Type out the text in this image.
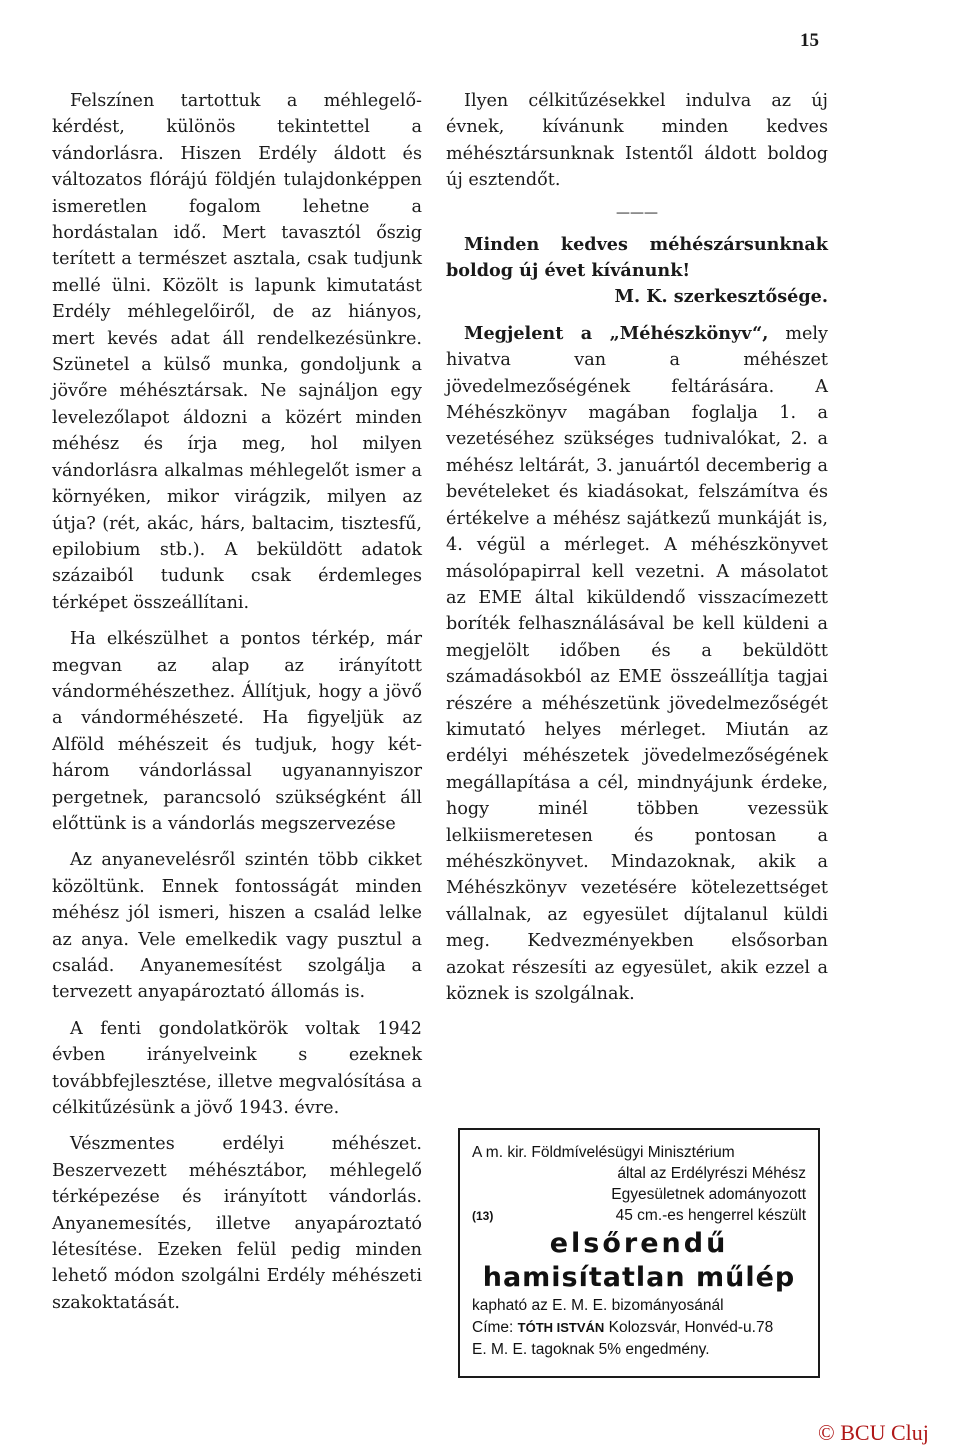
15

Felszínen tartottuk a méhlegelő-kérdést, különös tekintettel a vándorlásra. Hiszen Erdély áldott és változatos flórájú földjén tulajdonképpen ismeretlen fogalom lehetne a hordástalan idő. Mert tavasztól őszig terített a természet asztala, csak tudjunk mellé ülni. Közölt is lapunk kimutatást Erdély méhlegelőiről, de az hiányos, mert kevés adat áll rendelkezésünkre. Szünetel a külső munka, gondoljunk a jövőre méhésztársak. Ne sajnáljon egy levelezőlapot áldozni a közért minden méhész és írja meg, hol milyen vándorlásra alkalmas méhlegelőt ismer a környéken, mikor virágzik, milyen az útja? (rét, akác, hárs, baltacim, tisztesfű, epilobium stb.). A beküldött adatok százaiból tudunk csak érdemleges térképet összeállítani.

Ha elkészülhet a pontos térkép, már megvan az alap az irányított vándorméhészethez. Állítjuk, hogy a jövő a vándorméhészeté. Ha figyeljük az Alföld méhészeit és tudjuk, hogy két-három vándorlással ugyanannyiszor pergetnek, parancsoló szükségként áll előttünk is a vándorlás megszervezése

Az anyanevelésről szintén több cikket közöltünk. Ennek fontosságát minden méhész jól ismeri, hiszen a család lelke az anya. Vele emelkedik vagy pusztul a család. Anyanemesítést szolgálja a tervezett anyapároztató állomás is.

A fenti gondolatkörök voltak 1942 évben irányelveink s ezeknek továbbfejlesztése, illetve megvalósítása a célkitűzésünk a jövő 1943. évre.

Vészmentes erdélyi méhészet. Beszervezett méhésztábor, méhlegelő térképezése és irányított vándorlás. Anyanemesítés, illetve anyapároztató létesítése. Ezeken felül pedig minden lehető módon szolgálni Erdély méhészeti szakoktatását.

Ilyen célkitűzésekkel indulva az új évnek, kívánunk minden kedves méhésztársunknak Istentől áldott boldog új esztendőt.

———

Minden kedves méhészársunknak boldog új évet kívánunk!

M. K. szerkesztősége.

Megjelent a „Méhészkönyv“, mely hivatva van a méhészet jövedelmezőségének feltárására. A Méhészkönyv magában foglalja 1. a vezetéséhez szükséges tudnivalókat, 2. a méhész leltárát, 3. januártól decemberig a bevételeket és kiadásokat, felszámítva és értékelve a méhész sajátkezű munkáját is, 4. végül a mérleget. A méhészkönyvet másolópapirral kell vezetni. A másolatot az EME által kiküldendő visszacímezett boríték felhasználásával be kell küldeni a megjelölt időben és a beküldött számadásokból az EME összeállítja tagjai részére a méhészetünk jövedelmezőségét kimutató helyes mérleget. Miután az erdélyi méhészetek jövedelmezőségének megállapítása a cél, mindnyájunk érdeke, hogy minél többen vezessük lelkiismeretesen és pontosan a méhészkönyvet. Mindazoknak, akik a Méhészkönyv vezetésére kötelezettséget vállalnak, az egyesület díjtalanul küldi meg. Kedvezményekben elsősorban azokat részesíti az egyesület, akik ezzel a köznek is szolgálnak.

A m. kir. Földmívelésügyi Minisztérium
által az Erdélyrészi Méhész
Egyesületnek adományozott
(13)	45 cm.-es hengerrel készült
elsőrendű
hamisítatlan műlép
kapható az E. M. E. bizományosánál
Címe: TÓTH ISTVÁN Kolozsvár, Honvéd-u.78
E. M. E. tagoknak 5% engedmény.
© BCU Cluj
